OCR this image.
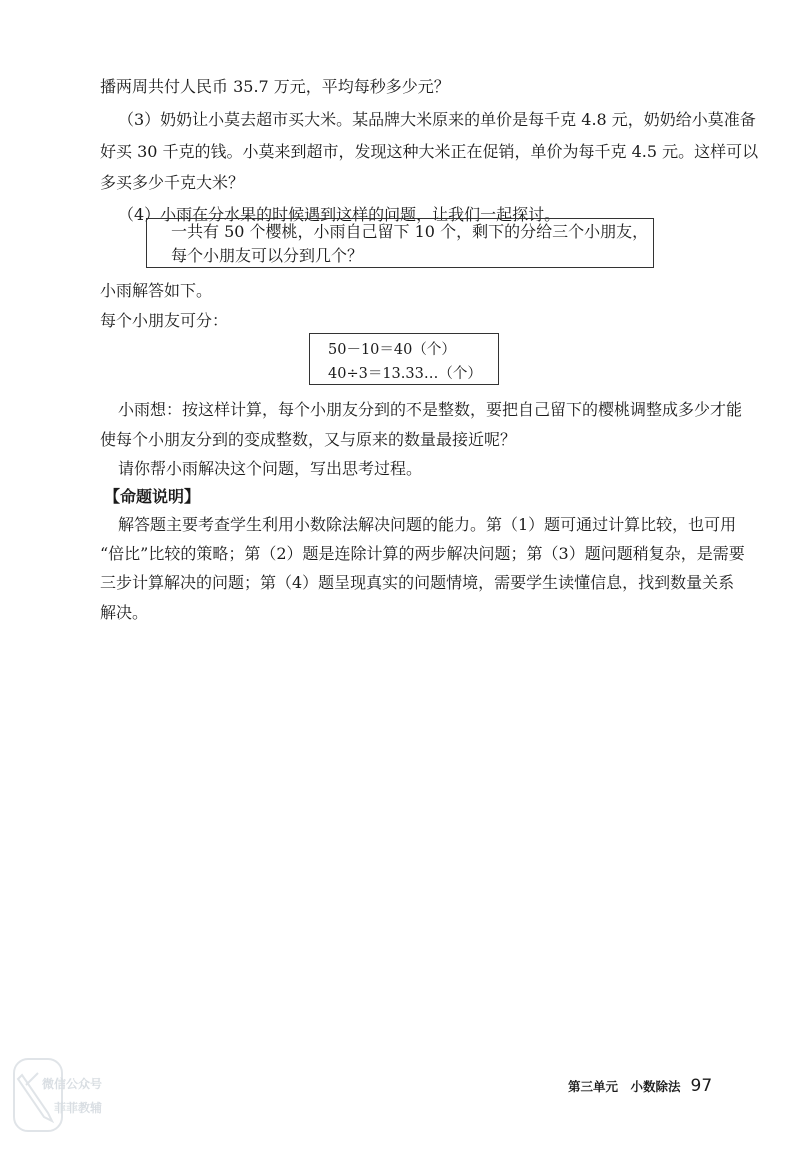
播两周共付人民币 35.7 万元，平均每秒多少元？

（3）奶奶让小莫去超市买大米。某品牌大米原来的单价是每千克 4.8 元，奶奶给小莫准备

好买 30 千克的钱。小莫来到超市，发现这种大米正在促销，单价为每千克 4.5 元。这样可以

多买多少千克大米？

（4）小雨在分水果的时候遇到这样的问题，让我们一起探讨。

一共有 50 个樱桃，小雨自己留下 10 个，剩下的分给三个小朋友，
每个小朋友可以分到几个？

小雨解答如下。

每个小朋友可分：

50－10＝40（个）
40÷3＝13.33…（个）

小雨想：按这样计算，每个小朋友分到的不是整数，要把自己留下的樱桃调整成多少才能

使每个小朋友分到的变成整数，又与原来的数量最接近呢？

请你帮小雨解决这个问题，写出思考过程。

【命题说明】

解答题主要考查学生利用小数除法解决问题的能力。第（1）题可通过计算比较，也可用

“倍比”比较的策略；第（2）题是连除计算的两步解决问题；第（3）题问题稍复杂，是需要

三步计算解决的问题；第（4）题呈现真实的问题情境，需要学生读懂信息，找到数量关系

解决。

微信公众号
菲菲教辅
第三单元　小数除法 97
